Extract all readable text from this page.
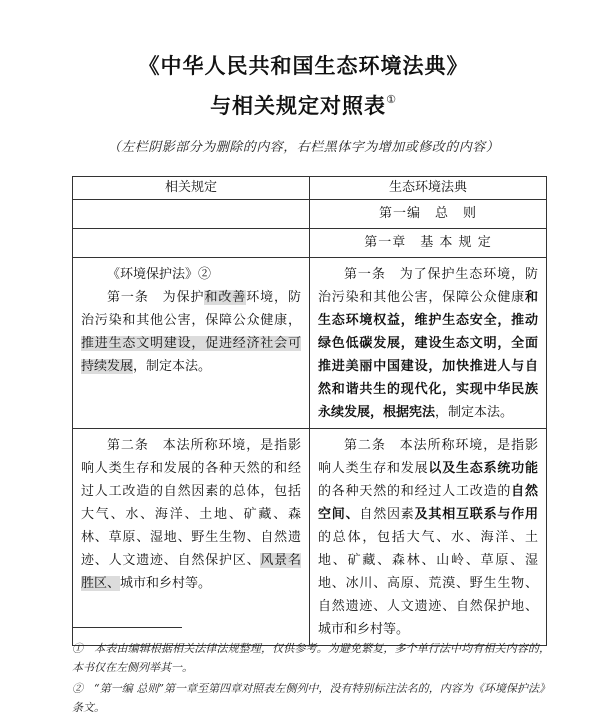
《中华人民共和国生态环境法典》
与相关规定对照表①
（左栏阴影部分为删除的内容，右栏黑体字为增加或修改的内容）
相关规定	生态环境法典
	第一编　总　则
	第一章　基 本 规 定

《环境保护法》②

第一条　为保护和改善环境，防治污染和其他公害，保障公众健康，推进生态文明建设，促进经济社会可持续发展，制定本法。	第一条　为了保护生态环境，防治污染和其他公害，保障公众健康和生态环境权益，维护生态安全，推动绿色低碳发展，建设生态文明，全面推进美丽中国建设，加快推进人与自然和谐共生的现代化，实现中华民族永续发展，根据宪法，制定本法。

第二条　本法所称环境，是指影响人类生存和发展的各种天然的和经过人工改造的自然因素的总体，包括大气、水、海洋、土地、矿藏、森林、草原、湿地、野生生物、自然遗迹、人文遗迹、自然保护区、风景名胜区、城市和乡村等。	第二条　本法所称环境，是指影响人类生存和发展以及生态系统功能的各种天然的和经过人工改造的自然空间、自然因素及其相互联系与作用的总体，包括大气、水、海洋、土地、矿藏、森林、山岭、草原、湿地、冰川、高原、荒漠、野生生物、自然遗迹、人文遗迹、自然保护地、城市和乡村等。

①　本表由编辑根据相关法律法规整理，仅供参考。为避免繁复，多个单行法中均有相关内容的，本书仅在左侧列举其一。
②　“第一编 总则”第一章至第四章对照表左侧列中，没有特别标注法名的，内容为《环境保护法》条文。
